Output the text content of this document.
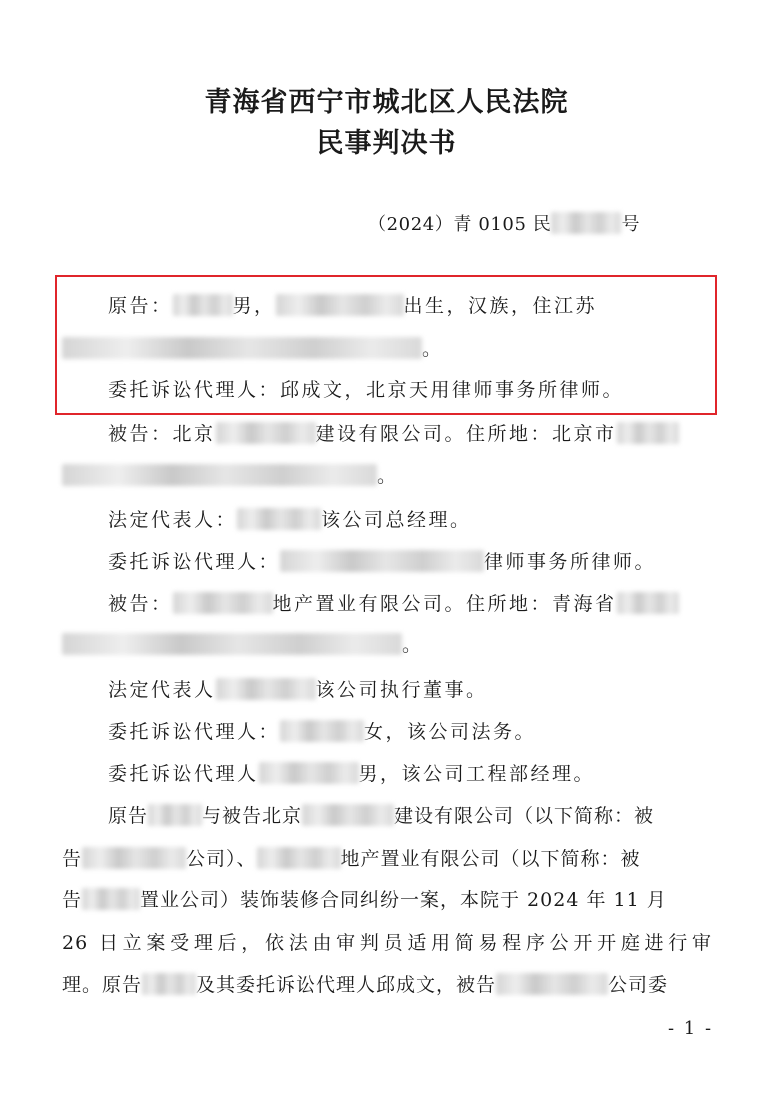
青海省西宁市城北区人民法院
民事判决书
（2024）青 0105 民	号
原告：	男，	出生，汉族，住江苏
。
委托诉讼代理人：邱成文，北京天用律师事务所律师。
被告：北京	建设有限公司。住所地：北京市
。
法定代表人：	该公司总经理。
委托诉讼代理人：	律师事务所律师。
被告：	地产置业有限公司。住所地：青海省
。
法定代表人	该公司执行董事。
委托诉讼代理人：	女，该公司法务。
委托诉讼代理人	男，该公司工程部经理。
原告	与被告北京	建设有限公司（以下简称：被
告	公司）、	地产置业有限公司（以下简称：被
告	置业公司）装饰装修合同纠纷一案，本院于 2024 年 11 月
26 日立案受理后，依法由审判员适用简易程序公开开庭进行审
理。原告	及其委托诉讼代理人邱成文，被告	公司委
- 1 -
